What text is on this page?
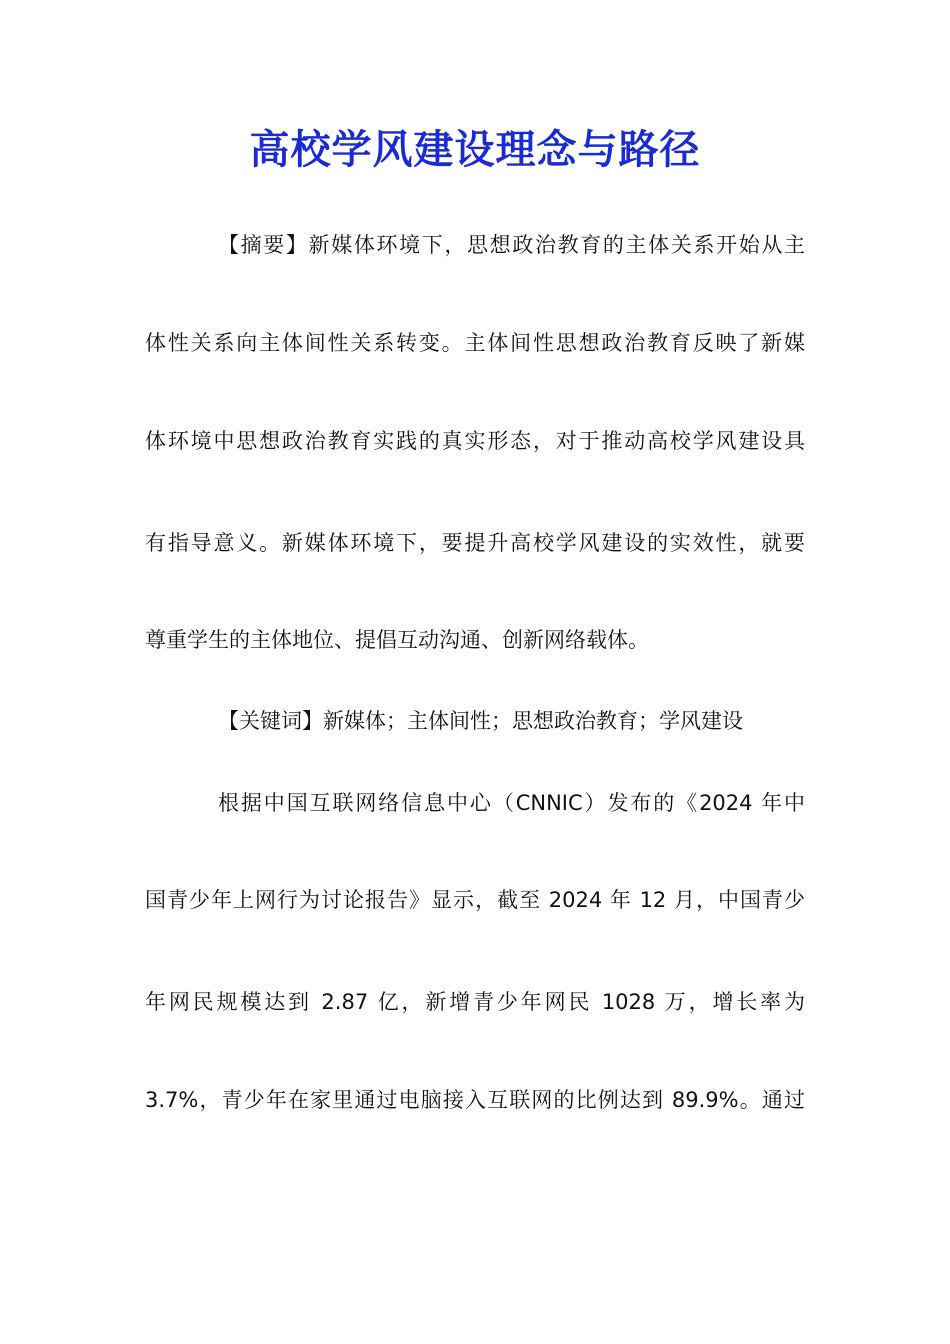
高校学风建设理念与路径
【摘要】新媒体环境下，思想政治教育的主体关系开始从主
体性关系向主体间性关系转变。主体间性思想政治教育反映了新媒
体环境中思想政治教育实践的真实形态，对于推动高校学风建设具
有指导意义。新媒体环境下，要提升高校学风建设的实效性，就要
尊重学生的主体地位、提倡互动沟通、创新网络载体。
【关键词】新媒体；主体间性；思想政治教育；学风建设
根据中国互联网络信息中心（CNNIC）发布的《2024 年中
国青少年上网行为讨论报告》显示，截至 2024 年 12 月，中国青少
年网民规模达到 2.87 亿，新增青少年网民 1028 万，增长率为
3.7%，青少年在家里通过电脑接入互联网的比例达到 89.9%。通过
